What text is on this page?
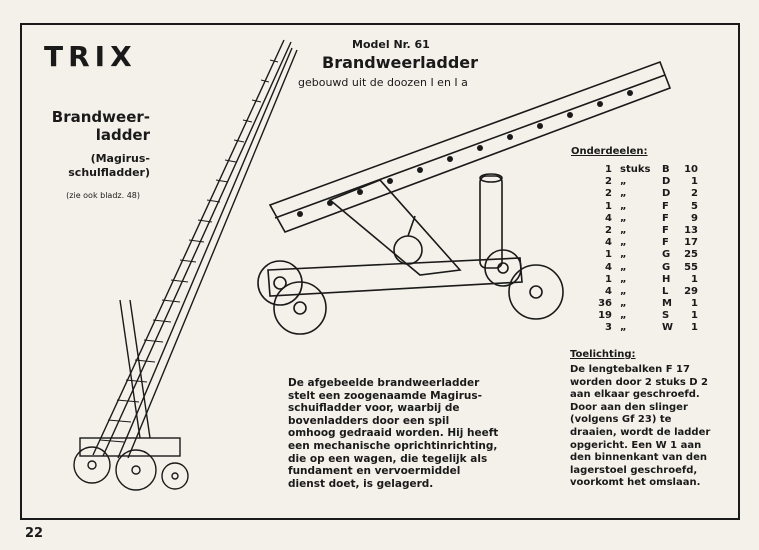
TRIX
Brandweer-ladder
(Magirus-schulfladder)
(zie ook bladz. 48)
Model Nr. 61
Brandweerladder
gebouwd uit de doozen I en I a
Onderdeelen:
1 stuks	B	10
2 „	D	1
2 „	D	2
1 „	F	5
4 „	F	9
2 „	F	13
4 „	F	17
1 „	G	25
4 „	G	55
1 „	H	1
4 „	L	29
36 „	M	1
19 „	S	1
3 „	W	1
De afgebeelde brandweerladder stelt een zoogenaamde Magirus-schuifladder voor, waarbij de bovenladders door een spil omhoog gedraaid worden. Hij heeft een mechanische oprichtinrichting, die op een wagen, die tegelijk als fundament en vervoermiddel dienst doet, is gelagerd.
Toelichting:
De lengtebalken F 17 worden door 2 stuks D 2 aan elkaar geschroefd. Door aan den slinger (volgens Gf 23) te draaien, wordt de ladder opgericht. Een W 1 aan den binnenkant van den lagerstoel geschroefd, voorkomt het omslaan.
22
